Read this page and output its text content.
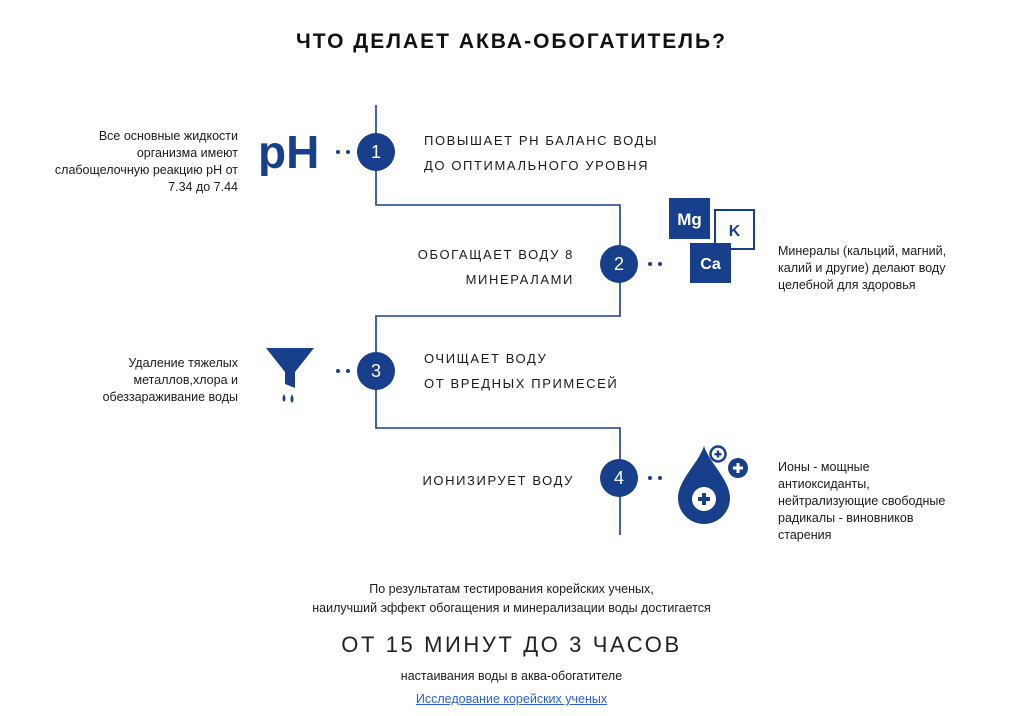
ЧТО ДЕЛАЕТ АКВА-ОБОГАТИТЕЛЬ?
pH	1
ПОВЫШАЕТ PH БАЛАНС ВОДЫ
ДО ОПТИМАЛЬНОГО УРОВНЯ
Все основные жидкости
организма имеют
слабощелочную реакцию pH от
7.34 до 7.44
ОБОГАЩАЕТ ВОДУ 8
МИНЕРАЛАМИ
2
Mg
K
Ca
Минералы (кальций, магний,
калий и другие) делают воду
целебной для здоровья
3
ОЧИЩАЕТ ВОДУ
ОТ ВРЕДНЫХ ПРИМЕСЕЙ
Удаление тяжелых
металлов,хлора и
обеззараживание воды
ИОНИЗИРУЕТ ВОДУ	4
Ионы - мощные
антиоксиданты,
нейтрализующие свободные
радикалы - виновников
старения
По результатам тестирования корейских ученых,
наилучший эффект обогащения и минерализации воды достигается
ОТ 15 МИНУТ ДО 3 ЧАСОВ
настаивания воды в аква-обогатителе
Исследование корейских ученых
